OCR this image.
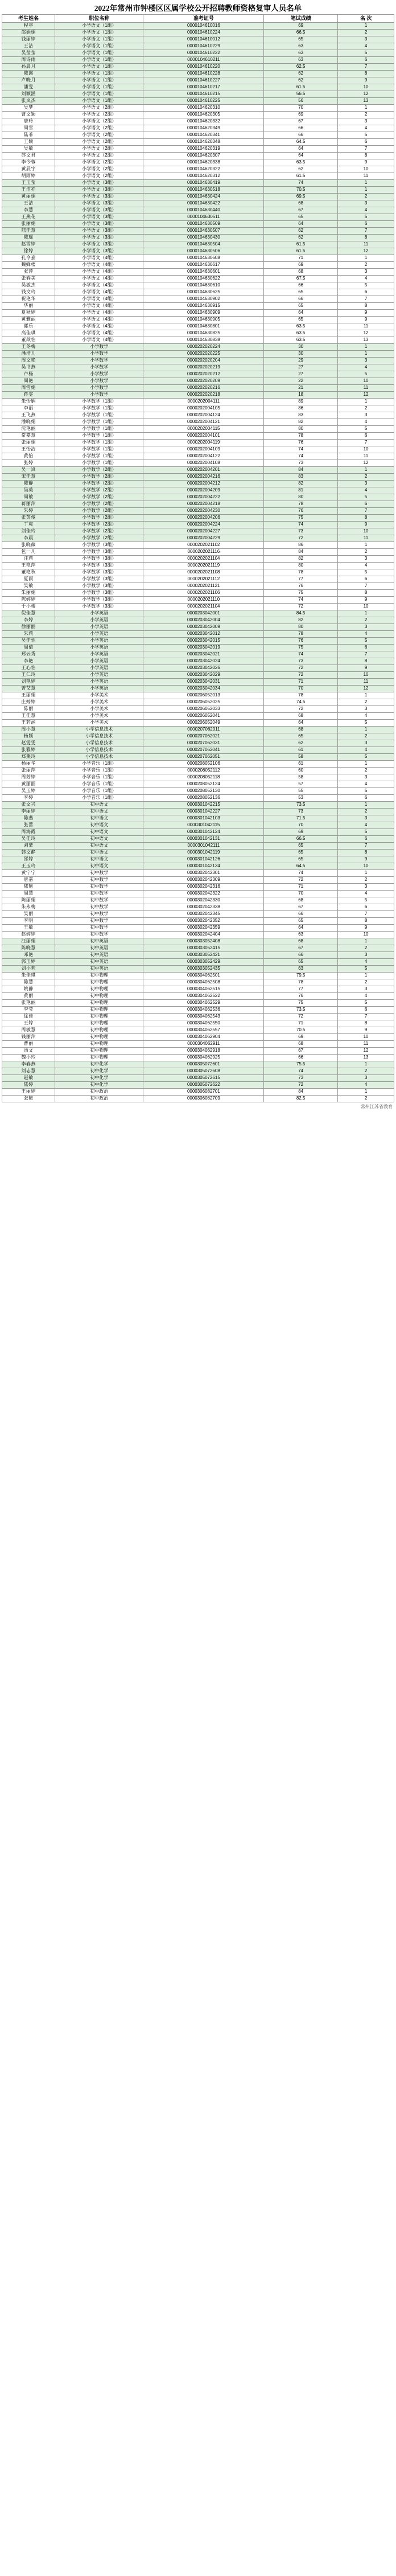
2022年常州市钟楼区区属学校公开招聘教师资格复审人员名单
考生姓名	职位名称	准考证号	笔试成绩	名 次
程亭	小学语文（1组）	0000104610016	69	1
邵娟娟	小学语文（1组）	0000104610224	66.5	2
钱丽婷	小学语文（1组）	0000104610012	65	3
王洁	小学语文（1组）	0000104610229	63	4
吴莹莹	小学语文（1组）	0000104610222	63	5
周诗雨	小学语文（1组）	0000104610211	63	6
孙晨月	小学语文（1组）	0000104610220	62.5	7
陈露	小学语文（1组）	0000104610228	62	8
卢晓月	小学语文（1组）	0000104610227	62	9
潘雯	小学语文（1组）	0000104610217	61.5	10
刘颖涵	小学语文（1组）	0000104610215	56.5	12
张岚杰	小学语文（1组）	0000104610225	56	13
吴梦	小学语文（2组）	0000104620310	70	1
曹文颖	小学语文（2组）	0000104620305	69	2
唐玲	小学语文（2组）	0000104620332	67	3
周雪	小学语文（2组）	0000104620349	66	4
陆菲	小学语文（2组）	0000104620341	66	5
王颖	小学语文（2组）	0000104620348	64.5	6
吴敏	小学语文（2组）	0000104620319	64	7
苏文君	小学语文（2组）	0000104620307	64	8
李今蓉	小学语文（2组）	0000104620338	63.5	9
黄辰宇	小学语文（2组）	0000104620322	62	10
胡雨婷	小学语文（2组）	0000104620312	61.5	11
王玉莹	小学语文（3组）	0000104630419	74	1
王洁亦	小学语文（3组）	0000104630518	70.5	1
黄丽娟	小学语文（3组）	0000104630424	69.5	2
王洁	小学语文（3组）	0000104630422	68	3
李慧	小学语文（3组）	0000104630440	67	4
王燕花	小学语文（3组）	0000104630511	65	5
张丽娟	小学语文（3组）	0000104630509	64	6
陆佳慧	小学语文（3组）	0000104630507	62	7
陈瑶	小学语文（3组）	0000104630430	62	8
赵雪婷	小学语文（3组）	0000104630504	61.5	11
徐婷	小学语文（3组）	0000104630506	61.5	12
孔令嘉	小学语文（4组）	0000104630608	71	1
魏蜂楼	小学语文（4组）	0000104630617	69	2
张萍	小学语文（4组）	0000104630601	68	3
张春美	小学语文（4组）	0000104630622	67.5	4
吴敏杰	小学语文（4组）	0000104630610	66	5
钱文玲	小学语文（4组）	0000104630625	65	6
祝艳华	小学语文（4组）	0000104630902	66	7
华丽	小学语文（4组）	0000104630915	65	8
夏秋婷	小学语文（4组）	0000104630909	64	9
黄雅丽	小学语文（4组）	0000104630905	65	9
郭乐	小学语文（4组）	0000104630801	63.5	11
高佳琪	小学语文（4组）	0000104630825	63.5	12
董歆怡	小学语文（4组）	0000104630838	63.5	13
王冬梅	小学数学	0000202020224	30	1
潘培儿	小学数学	0000202020225	30	1
周文艳	小学数学	0000202020204	29	3
吴书燕	小学数学	0000202020219	27	4
卢杨	小学数学	0000202020212	27	5
周艳	小学数学	0000202020209	22	10
周雪娟	小学数学	0000202020216	21	11
蒋雯	小学数学	0000202020218	18	12
朱怡娴	小学数学（1组）	0000202004111	89	1
李丽	小学数学（1组）	0000202004105	86	2
王飞燕	小学数学（1组）	0000202004124	83	3
潘晓娟	小学数学（1组）	0000202004121	82	4
沈艳丽	小学数学（1组）	0000202004115	80	5
常嘉慧	小学数学（1组）	0000202004101	78	6
张丽娟	小学数学（1组）	0000202004119	76	7
王怡洁	小学数学（1组）	0000202004109	74	10
黄怡	小学数学（1组）	0000202004122	74	11
张婷	小学数学（1组）	0000202004108	73	12
吴一岚	小学数学（2组）	0000202004201	84	1
宋佳慧	小学数学（2组）	0000202004216	83	2
陈静	小学数学（2组）	0000202004212	82	3
吴英	小学数学（2组）	0000202004209	81	4
周敏	小学数学（2组）	0000202004222	80	5
蒋丽萍	小学数学（2组）	0000202004218	78	6
朱婷	小学数学（2组）	0000202004230	76	7
张英俊	小学数学（2组）	0000202004206	75	8
丁爽	小学数学（2组）	0000202004224	74	9
刘佳玲	小学数学（2组）	0000202004227	73	10
李晨	小学数学（2组）	0000202004229	72	11
张晓薇	小学数学（3组）	0000202021102	86	1
包一凡	小学数学（3组）	0000202021116	84	2
汪莉	小学数学（3组）	0000202021104	82	3
王艳萍	小学数学（3组）	0000202021119	80	4
董艳秋	小学数学（3组）	0000202021108	78	5
夏雨	小学数学（3组）	0000202021112	77	6
吴敏	小学数学（3组）	0000202021121	76	7
朱丽娟	小学数学（3组）	0000202021106	75	8
陈婷婷	小学数学（3组）	0000202021110	74	9
于小楼	小学数学（3组）	0000202021104	72	10
倪佳慧	小学英语	0000203042001	84.5	1
李婷	小学英语	0000203042004	82	2
徐丽丽	小学英语	0000203042009	80	3
朱莉	小学英语	0000203042012	78	4
吴佳怡	小学英语	0000203042015	76	5
周倩	小学英语	0000203042019	75	6
郑云秀	小学英语	0000203042021	74	7
李艳	小学英语	0000203042024	73	8
王心怡	小学英语	0000203042026	72	9
王仁玲	小学英语	0000203042029	72	10
刘艳婷	小学英语	0000203042031	71	11
曾艾慧	小学英语	0000203042034	70	12
王丽娟	小学美术	0000206052013	78	1
庄婷婷	小学美术	0000206052025	74.5	2
陈丽	小学美术	0000206052033	72	3
王佳慧	小学美术	0000206052041	68	4
王若涵	小学美术	0000206052049	64	5
周小慧	小学信息技术	0000207062011	68	1
杨颖	小学信息技术	0000207062021	65	2
赵雯雯	小学信息技术	0000207062031	62	3
张雅婷	小学信息技术	0000207062041	61	4
郑燕玲	小学信息技术	0000207062051	58	5
杨丽华	小学音乐（1组）	0000208052106	61	1
张丽萍	小学音乐（1组）	0000208052112	60	2
周芳婷	小学音乐（1组）	0000208052118	58	3
黄丽丽	小学音乐（1组）	0000208052124	57	4
吴玉婷	小学音乐（1组）	0000208052130	55	5
李婷	小学音乐（1组）	0000208052136	53	6
张文兴	初中语文	0000301042215	73.5	1
李丽婷	初中语文	0000301042227	73	2
陈燕	初中语文	0000301042103	71.5	3
张蕾	初中语文	0000301042115	70	4
周海霞	初中语文	0000301042124	69	5
吴佳玲	初中语文	0000301042131	66.5	6
刘蒙	初中语文	0000301042111	65	7
韩文静	初中语文	0000301042119	65	8
邵婷	初中语文	0000301042126	65	9
王玉玲	初中语文	0000301042134	64.5	10
黄宁宁	初中数学	0000302042301	74	1
唐嘉	初中数学	0000302042309	72	2
陆艳	初中数学	0000302042316	71	3
周慧	初中数学	0000302042322	70	4
陈丽娟	初中数学	0000302042330	68	5
朱永梅	初中数学	0000302042338	67	6
吴丽	初中数学	0000302042345	66	7
李明	初中数学	0000302042352	65	8
王敏	初中数学	0000302042359	64	9
赵婷婷	初中数学	0000302042404	63	10
汪丽娟	初中英语	0000303052408	68	1
陈晓慧	初中英语	0000303052415	67	2
邓艳	初中英语	0000303052421	66	3
郭玉婷	初中英语	0000303052429	65	4
刘小莉	初中英语	0000303052435	63	5
朱佳琪	初中物理	0000304062501	79.5	1
陈慧	初中物理	0000304062508	78	2
姚静	初中物理	0000304062515	77	3
黄丽	初中物理	0000304062522	76	4
张艳丽	初中物理	0000304062529	75	5
李莹	初中物理	0000304062536	73.5	6
徐佳	初中物理	0000304062543	72	7
王婷	初中物理	0000304062550	71	8
周敏慧	初中物理	0000304062557	70.5	9
钱丽萍	初中物理	0000304062904	69	10
曹丽	初中物理	0000304062911	68	11
汤文	初中物理	0000304062918	67	12
魏小玲	初中物理	0000304062925	66	13
李春燕	初中化学	0000305072601	75.5	1
刘志慧	初中化学	0000305072608	74	2
赵敏	初中化学	0000305072615	73	3
陆婷	初中化学	0000305072622	72	4
王丽婷	初中政治	0000306082701	84	1
张艳	初中政治	0000306082709	82.5	2
常州江苏省教育
